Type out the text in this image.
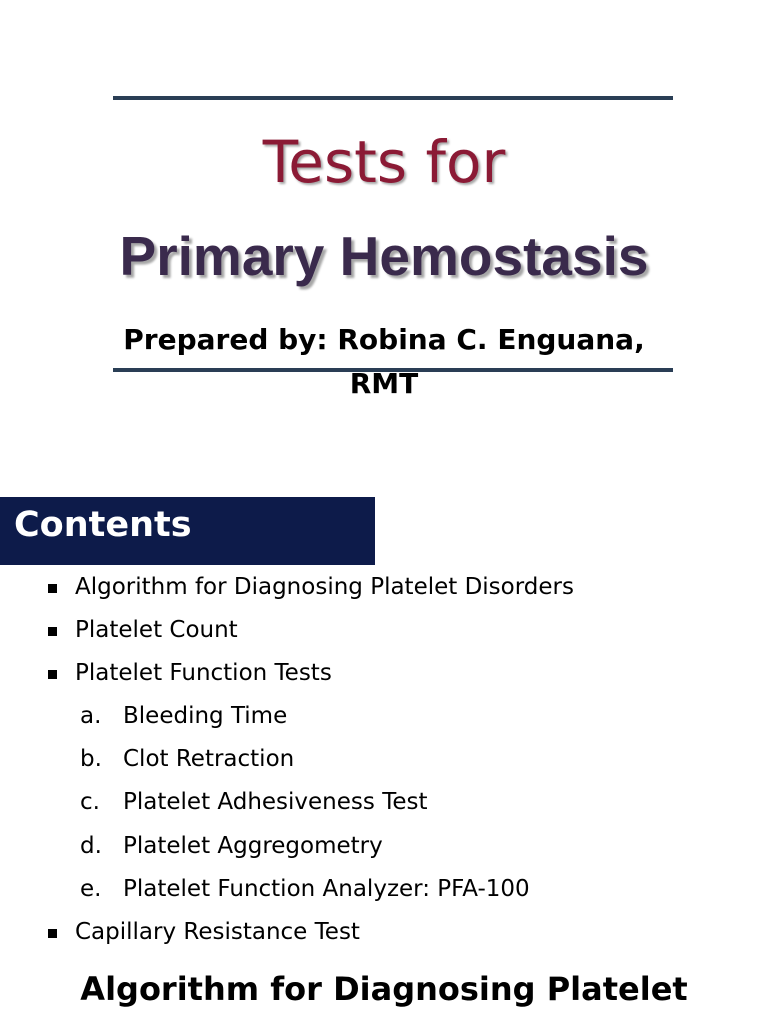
Tests for
Primary Hemostasis
Prepared by: Robina C. Enguana, RMT
Contents
Algorithm for Diagnosing Platelet Disorders
Platelet Count
Platelet Function Tests
a. Bleeding Time
b. Clot Retraction
c. Platelet Adhesiveness Test
d. Platelet Aggregometry
e. Platelet Function Analyzer: PFA-100
Capillary Resistance Test
Algorithm for Diagnosing Platelet
